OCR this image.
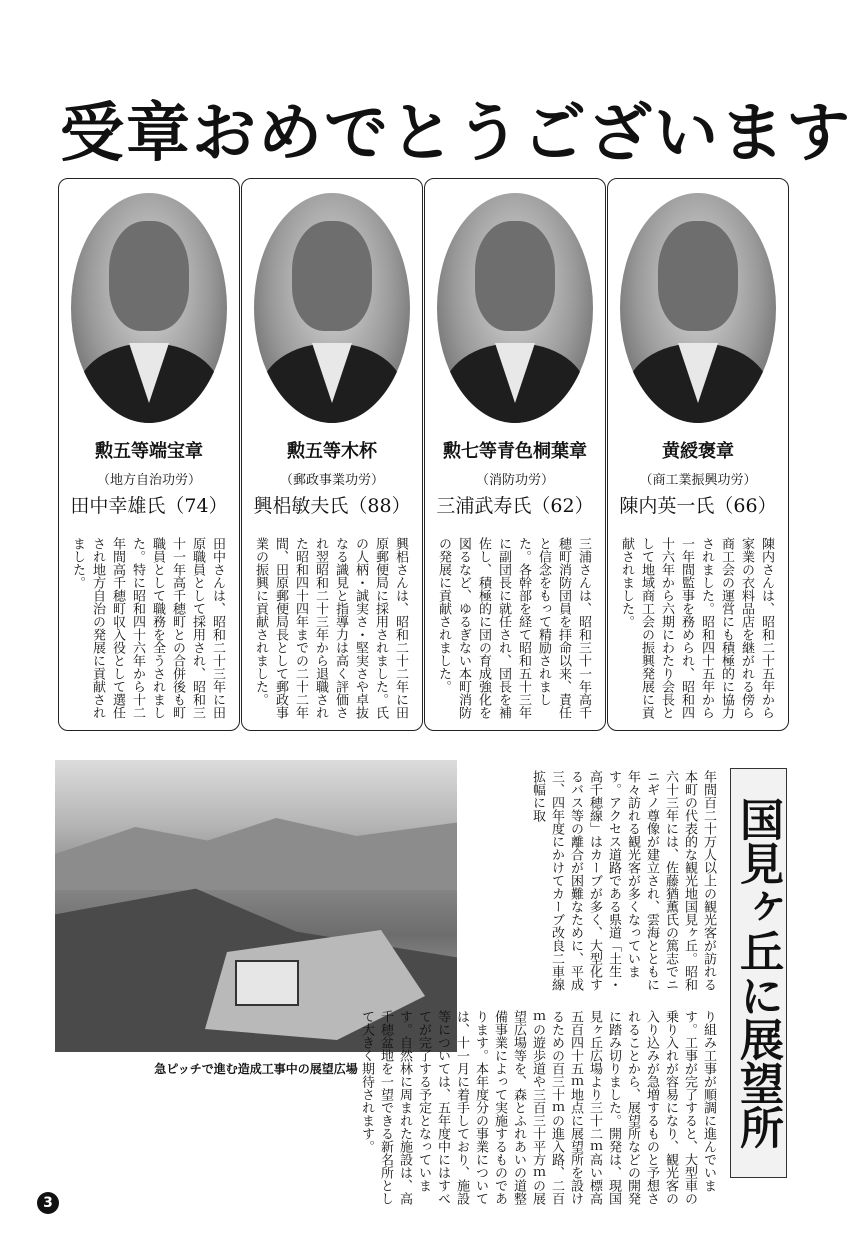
受章おめでとうございます
勲五等端宝章
（地方自治功労）
田中幸雄氏（74）
田中さんは、昭和二十三年に田原職員として採用され、昭和三十一年高千穂町との合併後も町職員として職務を全うされました。特に昭和四十六年から十二年間高千穂町収入役として選任され地方自治の発展に貢献されました。
勲五等木杯
（郵政事業功労）
興梠敏夫氏（88）
興梠さんは、昭和二十二年に田原郵便局に採用されました。氏の人柄・誠実さ・堅実さや卓抜なる識見と指導力は高く評価され翌昭和二十三年から退職された昭和四十四年までの二十二年間、田原郵便局長として郵政事業の振興に貢献されました。
勲七等青色桐葉章
（消防功労）
三浦武寿氏（62）
三浦さんは、昭和三十一年高千穂町消防団員を拝命以来、責任と信念をもって精励されました。各幹部を経て昭和五十三年に副団長に就任され、団長を補佐し、積極的に団の育成強化を図るなど、ゆるぎない本町消防の発展に貢献されました。
黄綬褒章
（商工業振興功労）
陳内英一氏（66）
陳内さんは、昭和二十五年から家業の衣料品店を継がれる傍ら商工会の運営にも積極的に協力されました。昭和四十五年から一年間監事を務められ、昭和四十六年から六期にわたり会長として地域商工会の振興発展に貢献されました。
急ピッチで進む造成工事中の展望広場	国見ヶ丘に展望所
年間百二十万人以上の観光客が訪れる本町の代表的な観光地国見ヶ丘。昭和六十三年には、佐藤猶薫氏の篤志でニニギノ尊像が建立され、雲海とともに年々訪れる観光客が多くなっています。アクセス道路である県道「土生・高千穂線」はカーブが多く、大型化するバス等の離合が困難なために、平成三、四年度にかけてカーブ改良二車線拡幅に取
り組み工事が順調に進んでいます。工事が完了すると、大型車の乗り入れが容易になり、観光客の入り込みが急増するものと予想されることから、展望所などの開発に踏み切りました。開発は、現国見ヶ丘広場より三十二ｍ高い標高五百四十五ｍ地点に展望所を設けるための百三十ｍの進入路、二百ｍの遊歩道や三百三十平方ｍの展望広場等を、森とふれあいの道整備事業によって実施するものであります。本年度分の事業については、十一月に着手しており、施設等については、五年度中にはすべてが完了する予定となっています。自然林に周まれた施設は、高千穂盆地を一望できる新名所として大きく期待されます。
3
